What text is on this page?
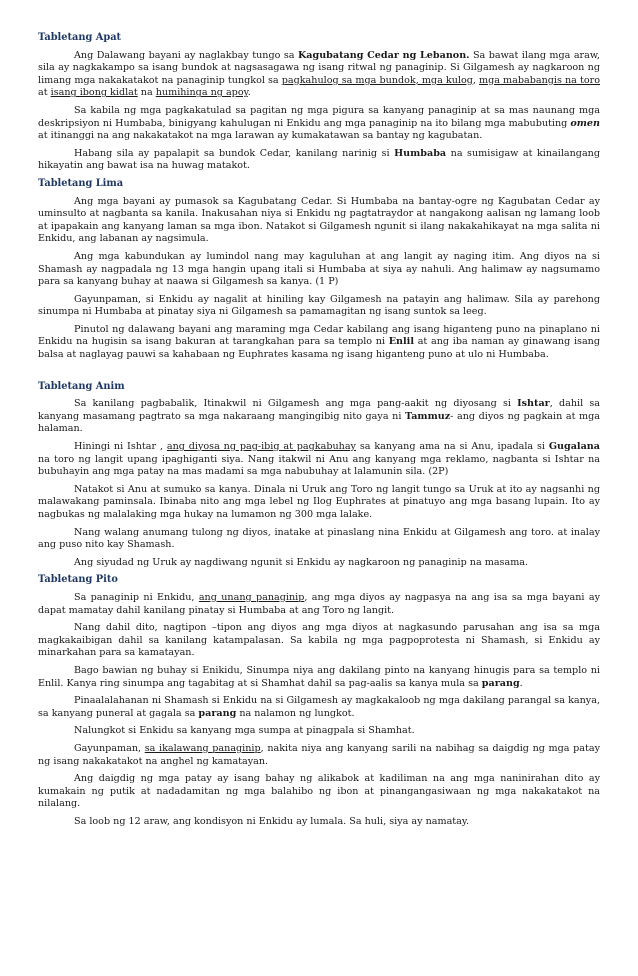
Tabletang Apat

Ang Dalawang bayani ay naglakbay tungo sa Kagubatang Cedar ng Lebanon. Sa bawat ilang mga araw, sila ay nagkakampo sa isang bundok at nagsasagawa ng isang ritwal ng panaginip. Si Gilgamesh ay nagkaroon ng limang mga nakakatakot na panaginip tungkol sa pagkahulog sa mga bundok, mga kulog, mga mababangis na toro at isang ibong kidlat na humihinga ng apoy.

Sa kabila ng mga pagkakatulad sa pagitan ng mga pigura sa kanyang panaginip at sa mas naunang mga deskripsiyon ni Humbaba, binigyang kahulugan ni Enkidu ang mga panaginip na ito bilang mga mabubuting omen at itinanggi na ang nakakatakot na mga larawan ay kumakatawan sa bantay ng kagubatan.

Habang sila ay papalapit sa bundok Cedar, kanilang narinig si Humbaba na sumisigaw at kinailangang hikayatin ang bawat isa na huwag matakot.

Tabletang Lima

Ang mga bayani ay pumasok sa Kagubatang Cedar. Si Humbaba na bantay-ogre ng Kagubatan Cedar ay uminsulto at nagbanta sa kanila. Inakusahan niya si Enkidu ng pagtatraydor at nangakong aalisan ng lamang loob at ipapakain ang kanyang laman sa mga ibon. Natakot si Gilgamesh ngunit si ilang nakakahikayat na mga salita ni Enkidu, ang labanan ay nagsimula.

Ang mga kabundukan ay lumindol nang may kaguluhan at ang langit ay naging itim. Ang diyos na si Shamash ay nagpadala ng 13 mga hangin upang itali si Humbaba at siya ay nahuli. Ang halimaw ay nagsumamo para sa kanyang buhay at naawa si Gilgamesh sa kanya. (1 P)

Gayunpaman, si Enkidu ay nagalit at hiniling kay Gilgamesh na patayin ang halimaw. Sila ay parehong sinumpa ni Humbaba at pinatay siya ni Gilgamesh sa pamamagitan ng isang suntok sa leeg.

Pinutol ng dalawang bayani ang maraming mga Cedar kabilang ang isang higanteng puno na pinaplano ni Enkidu na hugisin sa isang bakuran at tarangkahan para sa templo ni Enlil at ang iba naman ay ginawang isang balsa at naglayag pauwi sa kahabaan ng Euphrates kasama ng isang higanteng puno at ulo ni Humbaba.

Tabletang Anim

Sa kanilang pagbabalik, Itinakwil ni Gilgamesh ang mga pang-aakit ng diyosang si Ishtar, dahil sa kanyang masamang pagtrato sa mga nakaraang mangingibig nito gaya ni Tammuz- ang diyos ng pagkain at mga halaman.

Hiningi ni Ishtar , ang diyosa ng pag-ibig at pagkabuhay sa kanyang ama na si Anu, ipadala si Gugalana na toro ng langit upang ipaghiganti siya. Nang itakwil ni Anu ang kanyang mga reklamo, nagbanta si Ishtar na bubuhayin ang mga patay na mas madami sa mga nabubuhay at lalamunin sila. (2P)

Natakot si Anu at sumuko sa kanya. Dinala ni Uruk ang Toro ng langit tungo sa Uruk at ito ay nagsanhi ng malawakang paminsala. Ibinaba nito ang mga lebel ng Ilog Euphrates at pinatuyo ang mga basang lupain. Ito ay nagbukas ng malalaking mga hukay na lumamon ng 300 mga lalake.

Nang walang anumang tulong ng diyos, inatake at pinaslang nina Enkidu at Gilgamesh ang toro. at inalay ang puso nito kay Shamash.

Ang siyudad ng Uruk ay nagdiwang ngunit si Enkidu ay nagkaroon ng panaginip na masama.

Tabletang Pito

Sa panaginip ni Enkidu, ang unang panaginip, ang mga diyos ay nagpasya na ang isa sa mga bayani ay dapat mamatay dahil kanilang pinatay si Humbaba at ang Toro ng langit.

Nang dahil dito, nagtipon –tipon ang diyos ang mga diyos at nagkasundo parusahan ang isa sa mga magkakaibigan dahil sa kanilang katampalasan. Sa kabila ng mga pagpoprotesta ni Shamash, si Enkidu ay minarkahan para sa kamatayan.

Bago bawian ng buhay si Enikidu, Sinumpa niya ang dakilang pinto na kanyang hinugis para sa templo ni Enlil. Kanya ring sinumpa ang tagabitag at si Shamhat dahil sa pag-aalis sa kanya mula sa parang.

Pinaalalahanan ni Shamash si Enkidu na si Gilgamesh ay magkakaloob ng mga dakilang parangal sa kanya, sa kanyang puneral at gagala sa parang na nalamon ng lungkot.

Nalungkot si Enkidu sa kanyang mga sumpa at pinagpala si Shamhat.

Gayunpaman, sa ikalawang panaginip, nakita niya ang kanyang sarili na nabihag sa daigdig ng mga patay ng isang nakakatakot na anghel ng kamatayan.

Ang daigdig ng mga patay ay isang bahay ng alikabok at kadiliman na ang mga naninirahan dito ay kumakain ng putik at nadadamitan ng mga balahibo ng ibon at pinangangasiwaan ng mga nakakatakot na nilalang.

Sa loob ng 12 araw, ang kondisyon ni Enkidu ay lumala. Sa huli, siya ay namatay.
